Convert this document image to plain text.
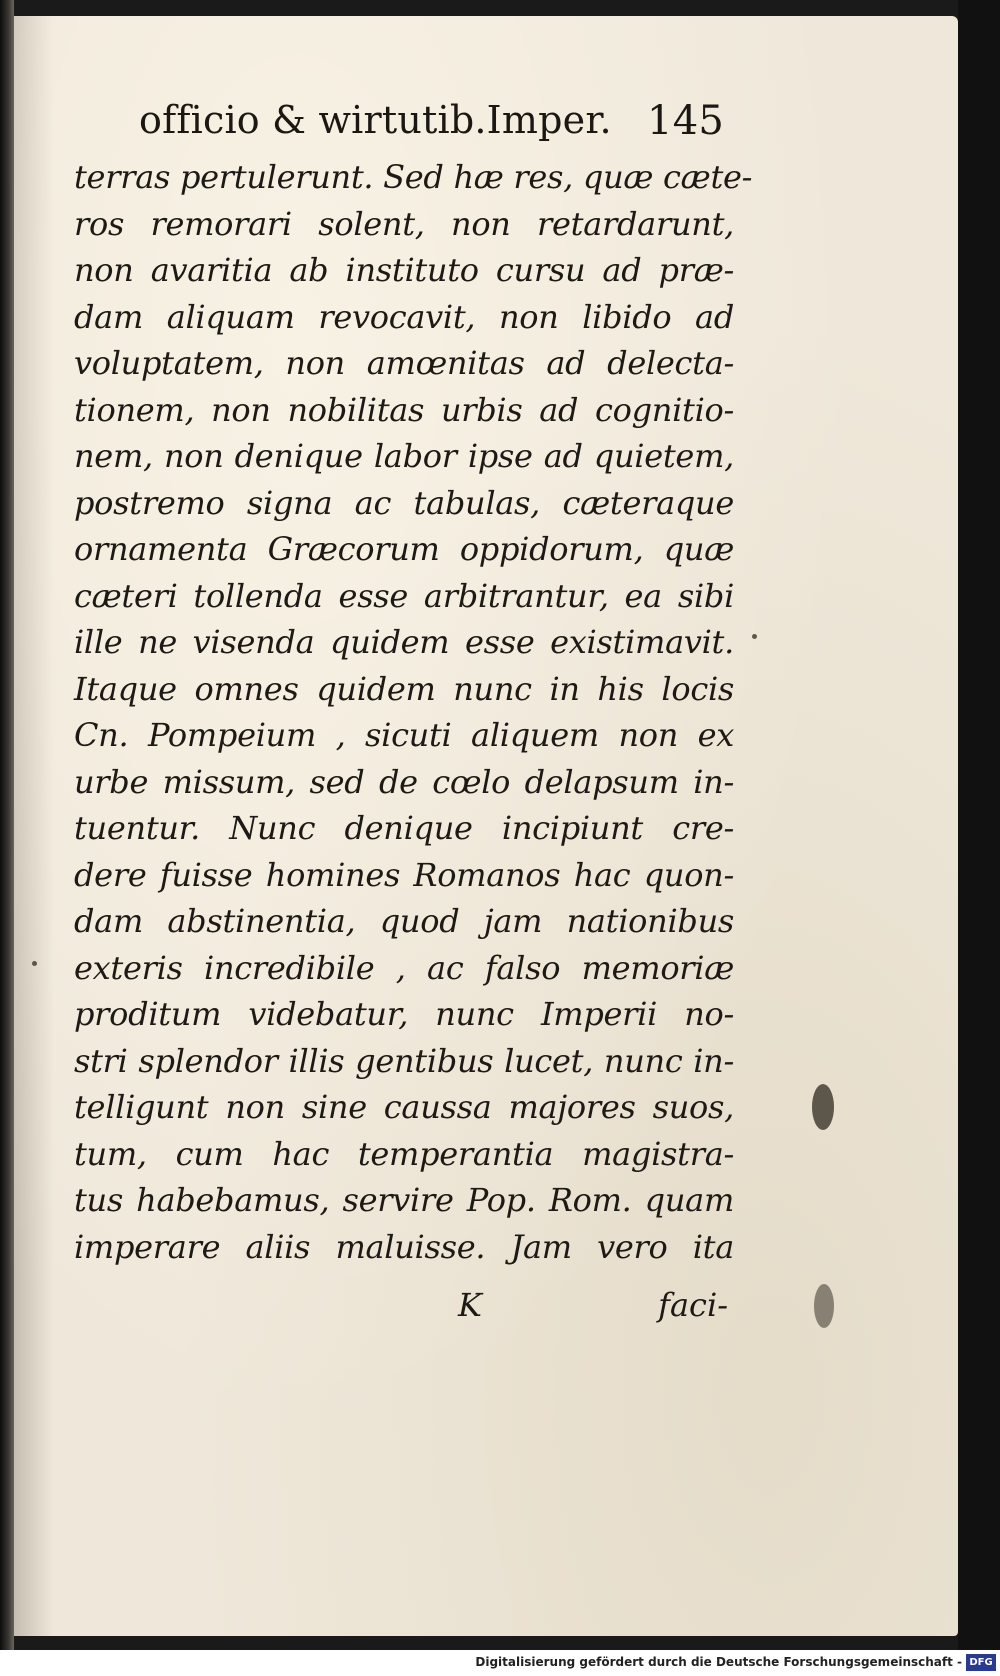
officio & wirtutib.Imper. 145
terras pertulerunt. Sed hæ res, quæ cæte-
ros remorari solent, non retardarunt,
non avaritia ab instituto cursu ad præ-
dam aliquam revocavit, non libido ad
voluptatem, non amœnitas ad delecta-
tionem, non nobilitas urbis ad cognitio-
nem, non denique labor ipse ad quietem,
postremo signa ac tabulas, cæteraque
ornamenta Græcorum oppidorum, quæ
cæteri tollenda esse arbitrantur, ea sibi
ille ne visenda quidem esse existimavit.
Itaque omnes quidem nunc in his locis
Cn. Pompeium , sicuti aliquem non ex
urbe missum, sed de cœlo delapsum in-
tuentur. Nunc denique incipiunt cre-
dere fuisse homines Romanos hac quon-
dam abstinentia, quod jam nationibus
exteris incredibile , ac falso memoriæ
proditum videbatur, nunc Imperii no-
stri splendor illis gentibus lucet, nunc in-
telligunt non sine caussa majores suos,
tum, cum hac temperantia magistra-
tus habebamus, servire Pop. Rom. quam
imperare aliis maluisse. Jam vero ita
K	faci-
Digitalisierung gefördert durch die Deutsche Forschungsgemeinschaft - DFG
